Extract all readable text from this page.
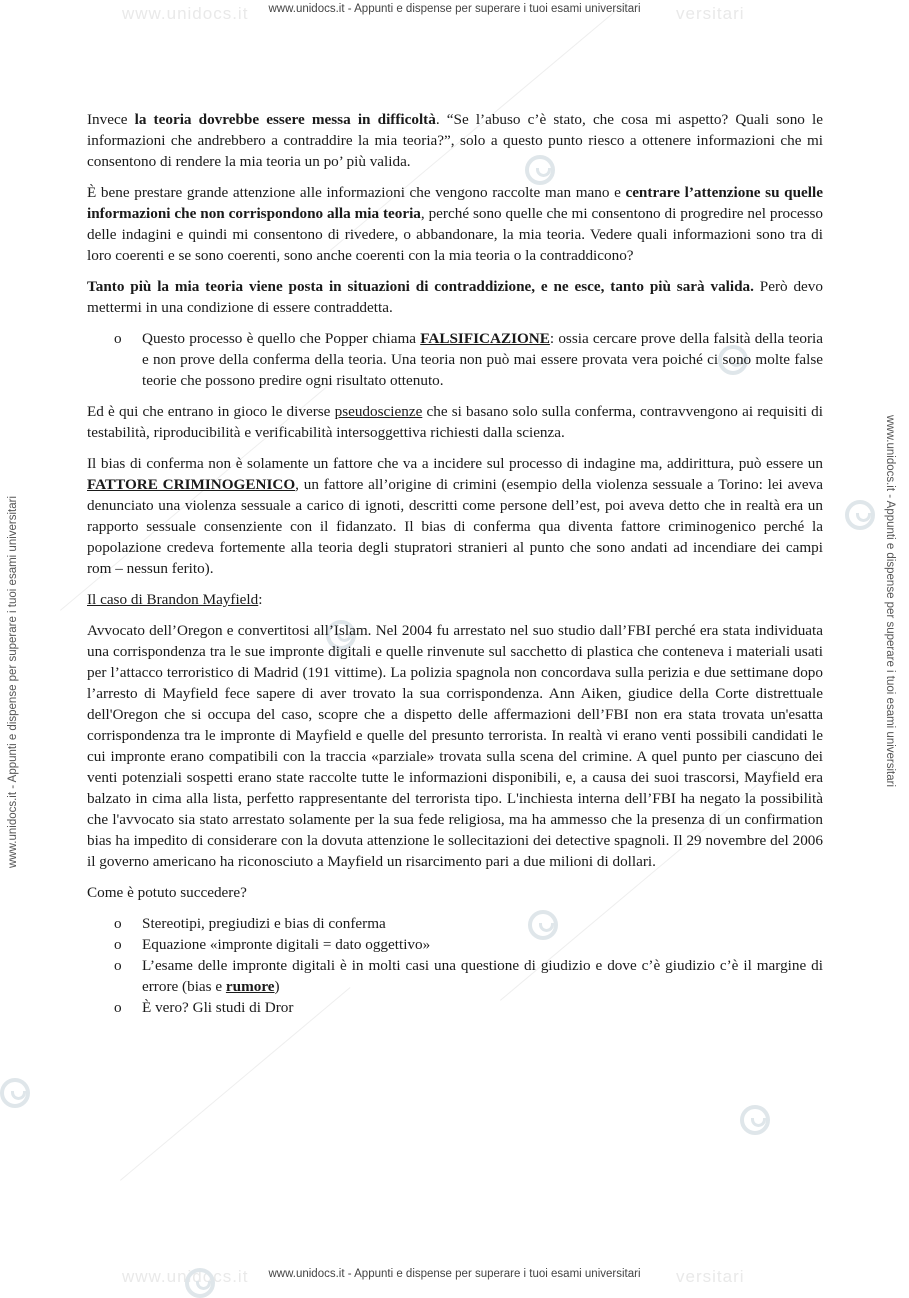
www.unidocs.it	versitari
www.unidocs.it	versitari
www.unidocs.it - Appunti e dispense per superare i tuoi esami universitari
www.unidocs.it - Appunti e dispense per superare i tuoi esami universitari
www.unidocs.it - Appunti e dispense per superare i tuoi esami universitari
www.unidocs.it - Appunti e dispense per superare i tuoi esami universitari

Invece la teoria dovrebbe essere messa in difficoltà. “Se l’abuso c’è stato, che cosa mi aspetto? Quali sono le informazioni che andrebbero a contraddire la mia teoria?”, solo a questo punto riesco a ottenere informazioni che mi consentono di rendere la mia teoria un po’ più valida.

È bene prestare grande attenzione alle informazioni che vengono raccolte man mano e centrare l’attenzione su quelle informazioni che non corrispondono alla mia teoria, perché sono quelle che mi consentono di progredire nel processo delle indagini e quindi mi consentono di rivedere, o abbandonare, la mia teoria. Vedere quali informazioni sono tra di loro coerenti e se sono coerenti, sono anche coerenti con la mia teoria o la contraddicono?

Tanto più la mia teoria viene posta in situazioni di contraddizione, e ne esce, tanto più sarà valida. Però devo mettermi in una condizione di essere contraddetta.

o Questo processo è quello che Popper chiama FALSIFICAZIONE: ossia cercare prove della falsità della teoria e non prove della conferma della teoria. Una teoria non può mai essere provata vera poiché ci sono molte false teorie che possono predire ogni risultato ottenuto.

Ed è qui che entrano in gioco le diverse pseudoscienze che si basano solo sulla conferma, contravvengono ai requisiti di testabilità, riproducibilità e verificabilità intersoggettiva richiesti dalla scienza.

Il bias di conferma non è solamente un fattore che va a incidere sul processo di indagine ma, addirittura, può essere un FATTORE CRIMINOGENICO, un fattore all’origine di crimini (esempio della violenza sessuale a Torino: lei aveva denunciato una violenza sessuale a carico di ignoti, descritti come persone dell’est, poi aveva detto che in realtà era un rapporto sessuale consenziente con il fidanzato. Il bias di conferma qua diventa fattore criminogenico perché la popolazione credeva fortemente alla teoria degli stupratori stranieri al punto che sono andati ad incendiare dei campi rom – nessun ferito).

Il caso di Brandon Mayfield:

Avvocato dell’Oregon e convertitosi all’Islam. Nel 2004 fu arrestato nel suo studio dall’FBI perché era stata individuata una corrispondenza tra le sue impronte digitali e quelle rinvenute sul sacchetto di plastica che conteneva i materiali usati per l’attacco terroristico di Madrid (191 vittime). La polizia spagnola non concordava sulla perizia e due settimane dopo l’arresto di Mayfield fece sapere di aver trovato la sua corrispondenza. Ann Aiken, giudice della Corte distrettuale dell'Oregon che si occupa del caso, scopre che a dispetto delle affermazioni dell’FBI non era stata trovata un'esatta corrispondenza tra le impronte di Mayfield e quelle del presunto terrorista. In realtà vi erano venti possibili candidati le cui impronte erano compatibili con la traccia «parziale» trovata sulla scena del crimine. A quel punto per ciascuno dei venti potenziali sospetti erano state raccolte tutte le informazioni disponibili, e, a causa dei suoi trascorsi, Mayfield era balzato in cima alla lista, perfetto rappresentante del terrorista tipo. L'inchiesta interna dell’FBI ha negato la possibilità che l'avvocato sia stato arrestato solamente per la sua fede religiosa, ma ha ammesso che la presenza di un confirmation bias ha impedito di considerare con la dovuta attenzione le sollecitazioni dei detective spagnoli. Il 29 novembre del 2006 il governo americano ha riconosciuto a Mayfield un risarcimento pari a due milioni di dollari.

Come è potuto succedere?

o Stereotipi, pregiudizi e bias di conferma
o Equazione «impronte digitali = dato oggettivo»
o L’esame delle impronte digitali è in molti casi una questione di giudizio e dove c’è giudizio c’è il margine di errore (bias e rumore)
o È vero? Gli studi di Dror
